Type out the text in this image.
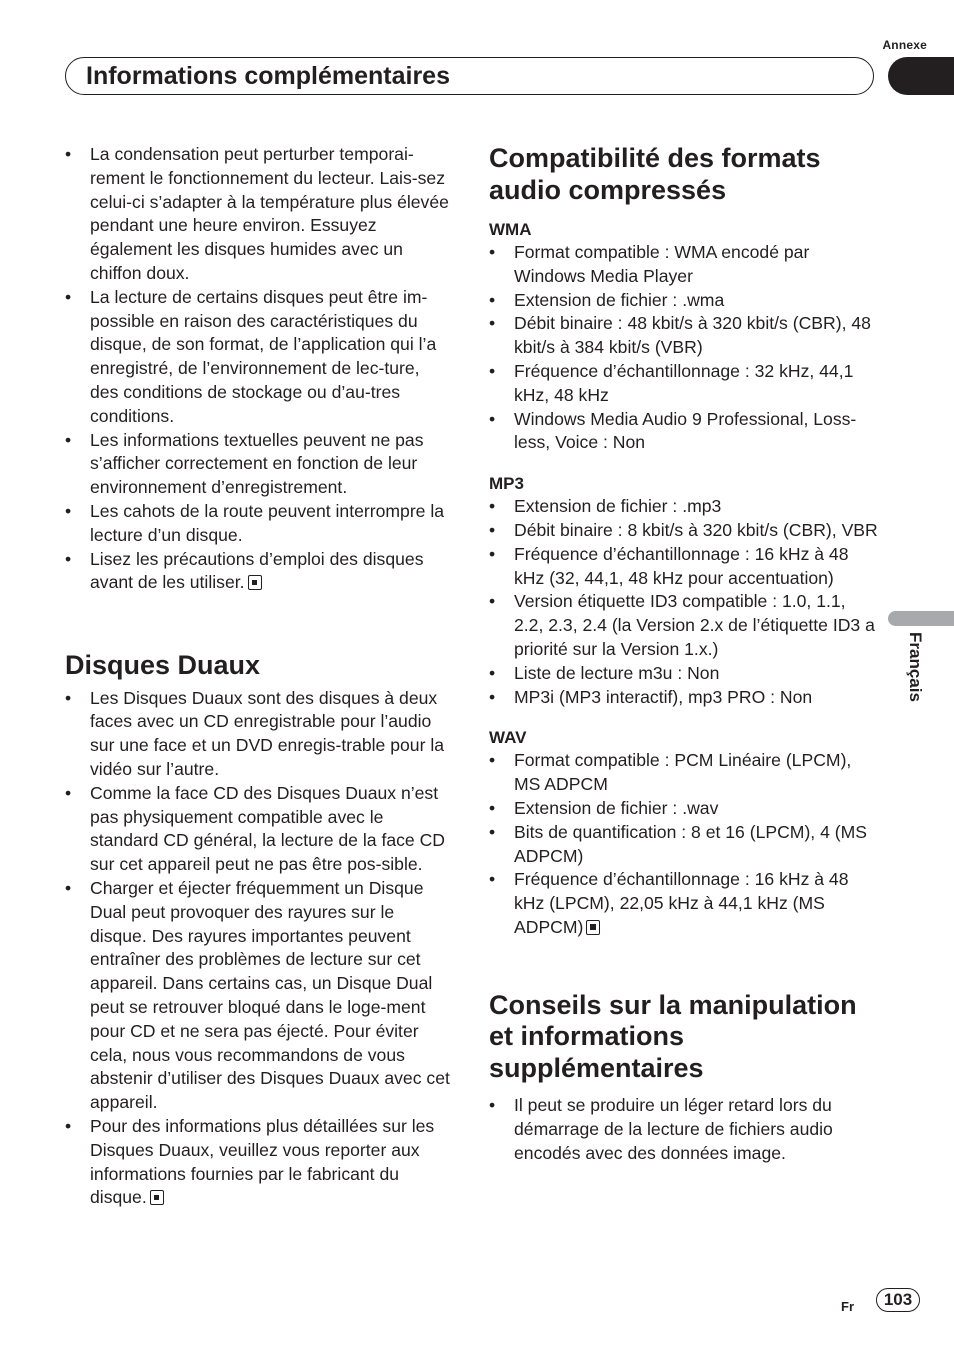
Annexe
Informations complémentaires
Français
• La condensation peut perturber temporai-rement le fonctionnement du lecteur. Lais-sez celui-ci s’adapter à la température plus élevée pendant une heure environ. Essuyez également les disques humides avec un chiffon doux.
• La lecture de certains disques peut être im-possible en raison des caractéristiques du disque, de son format, de l’application qui l’a enregistré, de l’environnement de lec-ture, des conditions de stockage ou d’au-tres conditions.
• Les informations textuelles peuvent ne pas s’afficher correctement en fonction de leur environnement d’enregistrement.
• Les cahots de la route peuvent interrompre la lecture d’un disque.
• Lisez les précautions d’emploi des disques avant de les utiliser.
Disques Duaux
• Les Disques Duaux sont des disques à deux faces avec un CD enregistrable pour l’audio sur une face et un DVD enregis-trable pour la vidéo sur l’autre.
• Comme la face CD des Disques Duaux n’est pas physiquement compatible avec le standard CD général, la lecture de la face CD sur cet appareil peut ne pas être pos-sible.
• Charger et éjecter fréquemment un Disque Dual peut provoquer des rayures sur le disque. Des rayures importantes peuvent entraîner des problèmes de lecture sur cet appareil. Dans certains cas, un Disque Dual peut se retrouver bloqué dans le loge-ment pour CD et ne sera pas éjecté. Pour éviter cela, nous vous recommandons de vous abstenir d’utiliser des Disques Duaux avec cet appareil.
• Pour des informations plus détaillées sur les Disques Duaux, veuillez vous reporter aux informations fournies par le fabricant du disque.
Compatibilité des formats audio compressés
WMA
• Format compatible : WMA encodé par Windows Media Player
• Extension de fichier : .wma
• Débit binaire : 48 kbit/s à 320 kbit/s (CBR), 48 kbit/s à 384 kbit/s (VBR)
• Fréquence d’échantillonnage : 32 kHz, 44,1 kHz, 48 kHz
• Windows Media Audio 9 Professional, Loss-less, Voice : Non
MP3
• Extension de fichier : .mp3
• Débit binaire : 8 kbit/s à 320 kbit/s (CBR), VBR
• Fréquence d’échantillonnage : 16 kHz à 48 kHz (32, 44,1, 48 kHz pour accentuation)
• Version étiquette ID3 compatible : 1.0, 1.1, 2.2, 2.3, 2.4 (la Version 2.x de l’étiquette ID3 a priorité sur la Version 1.x.)
• Liste de lecture m3u : Non
• MP3i (MP3 interactif), mp3 PRO : Non
WAV
• Format compatible : PCM Linéaire (LPCM), MS ADPCM
• Extension de fichier : .wav
• Bits de quantification : 8 et 16 (LPCM), 4 (MS ADPCM)
• Fréquence d’échantillonnage : 16 kHz à 48 kHz (LPCM), 22,05 kHz à 44,1 kHz (MS ADPCM)
Conseils sur la manipulation et informations supplémentaires
• Il peut se produire un léger retard lors du démarrage de la lecture de fichiers audio encodés avec des données image.
Fr	103
